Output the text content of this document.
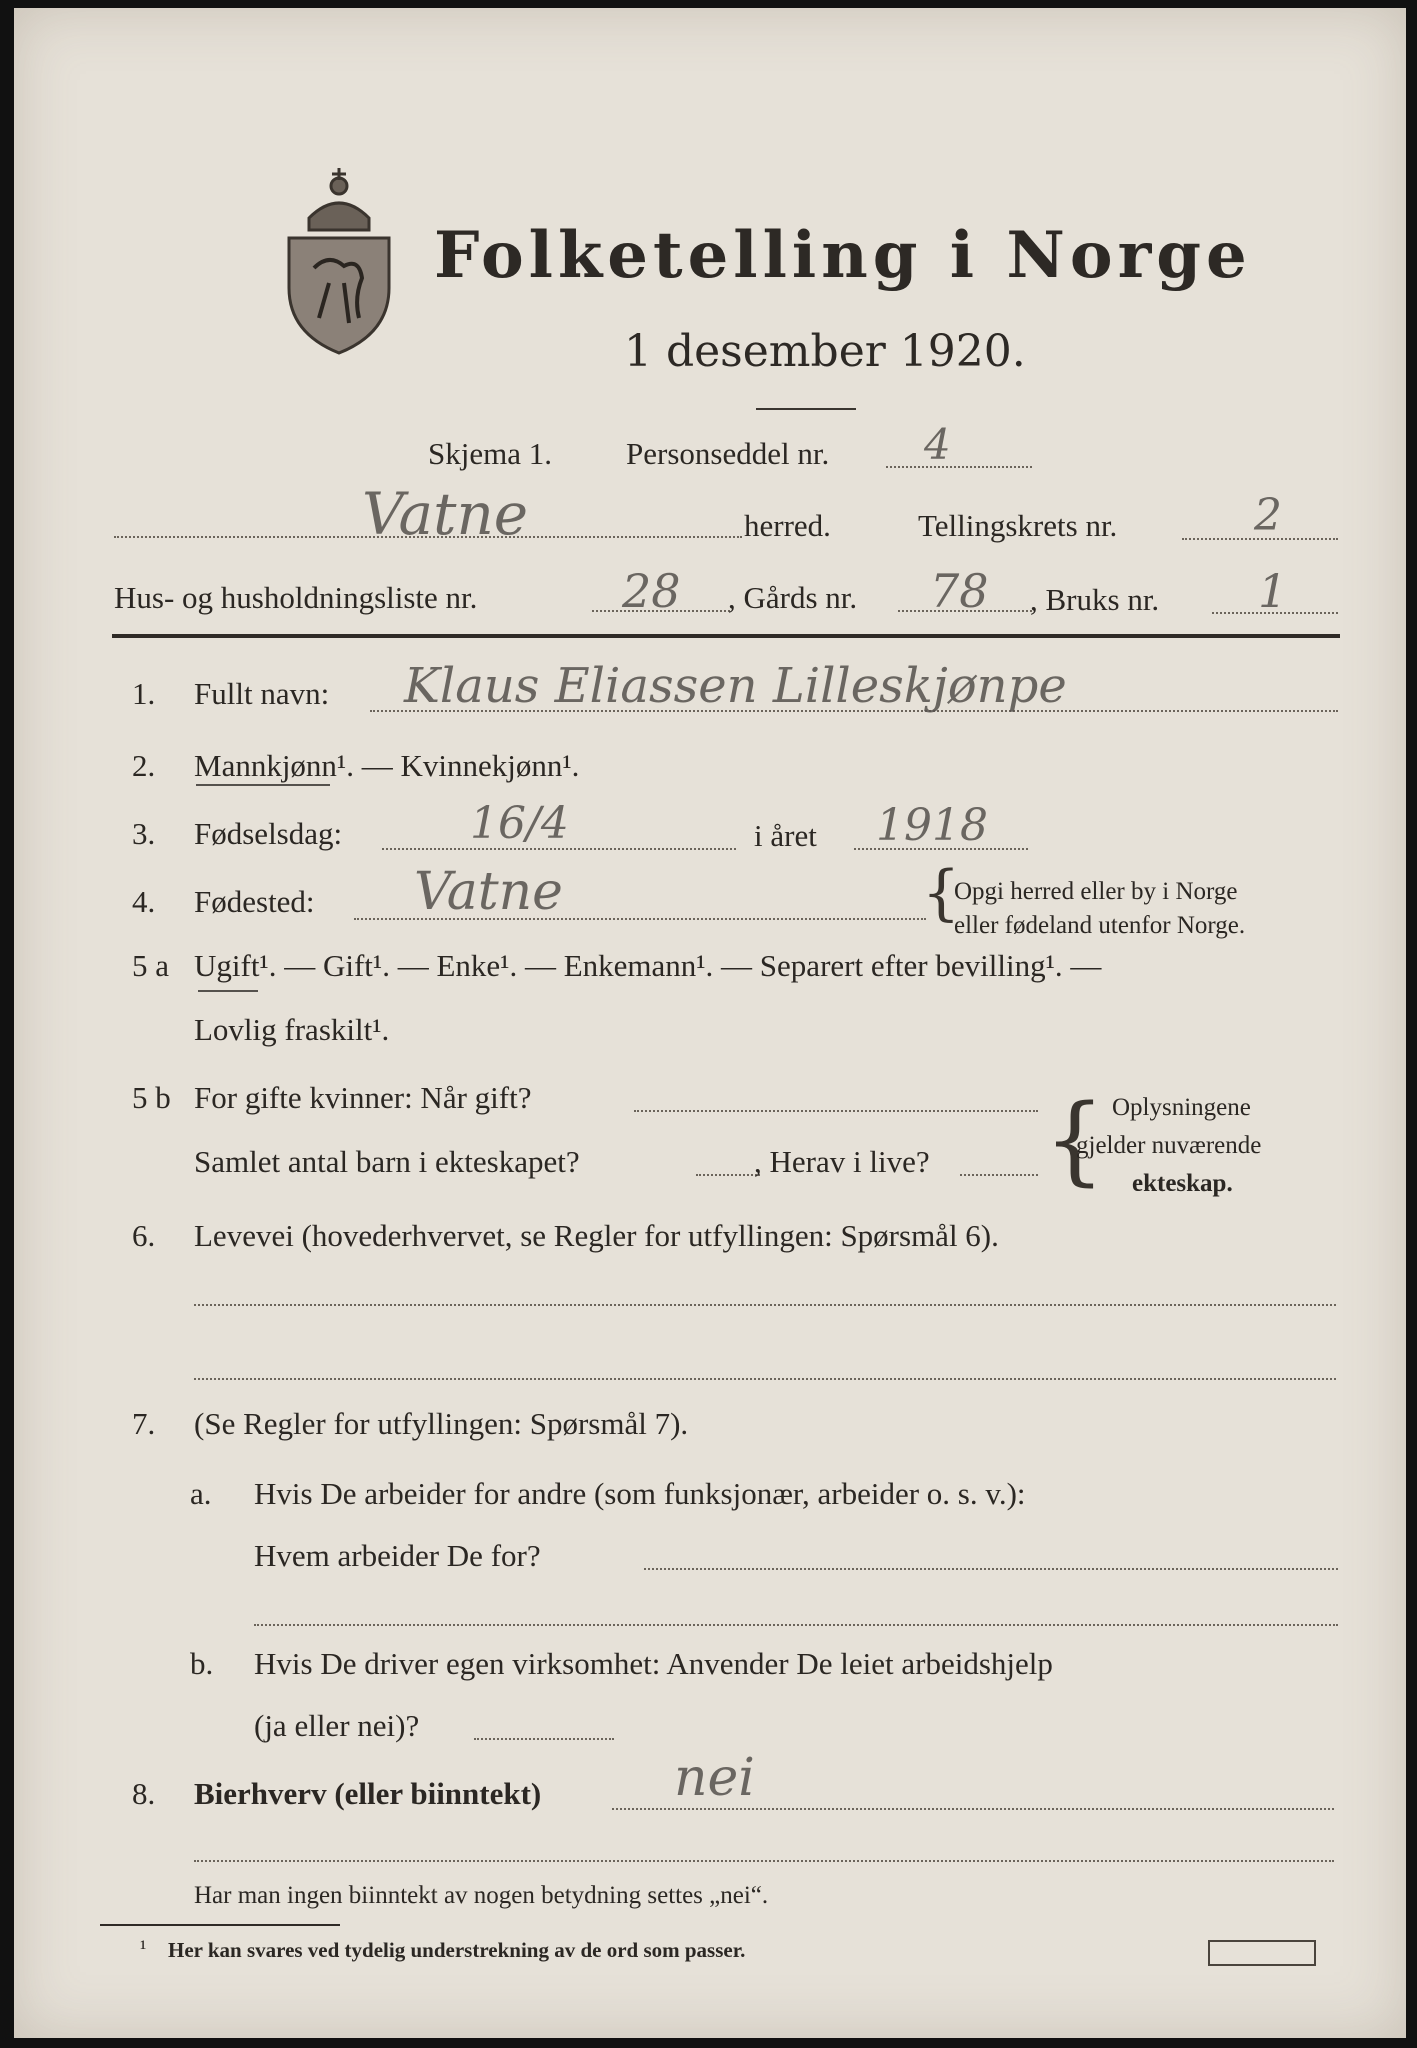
Folketelling i Norge
1 desember 1920.
Skjema 1. Personseddel nr. 4
Vatne	herred.	Tellingskrets nr.	2
Hus- og husholdningsliste nr.	28 , Gårds nr. 78 , Bruks nr. 1
1. Fullt navn: Klaus Eliassen Lilleskjønpe
2. Mannkjønn¹. — Kvinnekjønn¹.
3. Fødselsdag:	16/4	i året 1918
4. Fødested: Vatne	{
Opgi herred eller by i Norge
eller fødeland utenfor Norge.
5 a Ugift¹. — Gift¹. — Enke¹. — Enkemann¹. — Separert efter bevilling¹. —
Lovlig fraskilt¹.
5 b For gifte kvinner: Når gift?
Samlet antal barn i ekteskapet?	, Herav i live? { Oplysningene
gjelder nuværende
ekteskap.
6. Levevei (hovederhvervet, se Regler for utfyllingen: Spørsmål 6).
7. (Se Regler for utfyllingen: Spørsmål 7).
a. Hvis De arbeider for andre (som funksjonær, arbeider o. s. v.):
Hvem arbeider De for?
b. Hvis De driver egen virksomhet: Anvender De leiet arbeidshjelp
(ja eller nei)?
8. Bierhverv (eller biinntekt)	nei
Har man ingen biinntekt av nogen betydning settes „nei“.
¹ Her kan svares ved tydelig understrekning av de ord som passer.
